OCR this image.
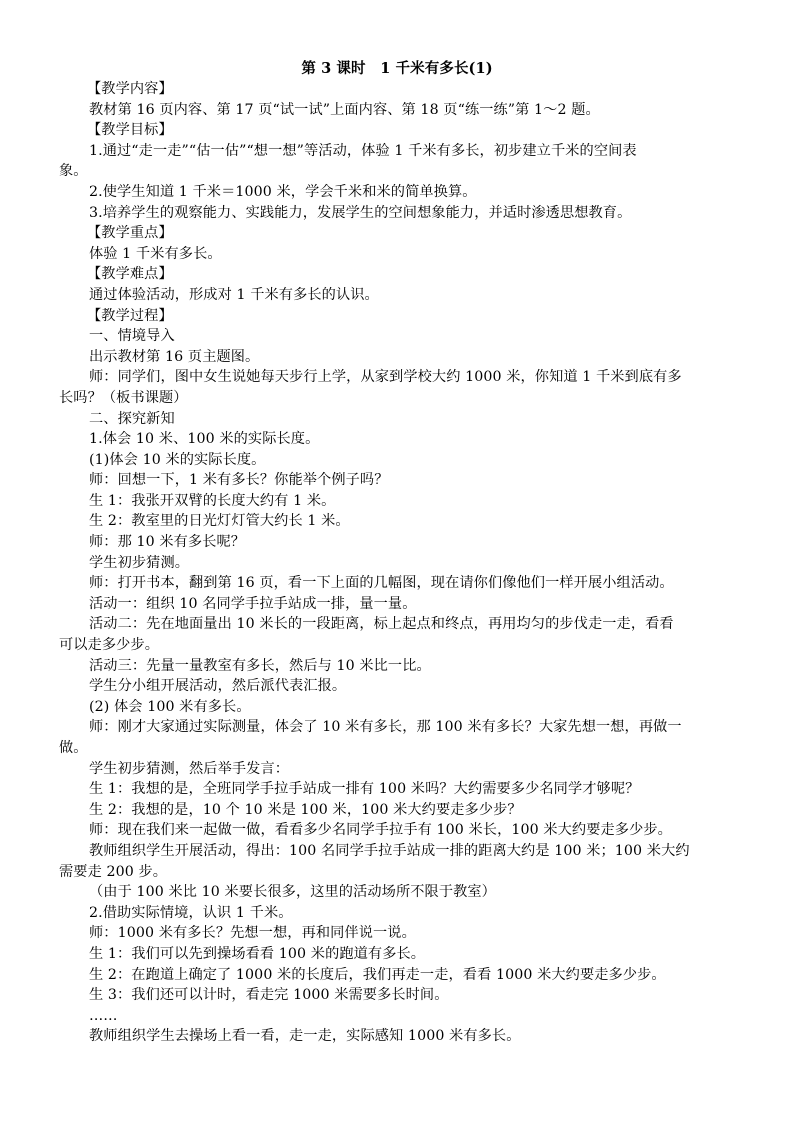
第 3 课时　1 千米有多长(1)
【教学内容】
教材第 16 页内容、第 17 页“试一试”上面内容、第 18 页“练一练”第 1～2 题。
【教学目标】
1.通过“走一走”“估一估”“想一想”等活动，体验 1 千米有多长，初步建立千米的空间表
象。
2.使学生知道 1 千米＝1000 米，学会千米和米的简单换算。
3.培养学生的观察能力、实践能力，发展学生的空间想象能力，并适时渗透思想教育。
【教学重点】
体验 1 千米有多长。
【教学难点】
通过体验活动，形成对 1 千米有多长的认识。
【教学过程】
一、情境导入
出示教材第 16 页主题图。
师：同学们，图中女生说她每天步行上学，从家到学校大约 1000 米，你知道 1 千米到底有多
长吗？（板书课题）
二、探究新知
1.体会 10 米、100 米的实际长度。
(1)体会 10 米的实际长度。
师：回想一下，1 米有多长？你能举个例子吗？
生 1：我张开双臂的长度大约有 1 米。
生 2：教室里的日光灯灯管大约长 1 米。
师：那 10 米有多长呢？
学生初步猜测。
师：打开书本，翻到第 16 页，看一下上面的几幅图，现在请你们像他们一样开展小组活动。
活动一：组织 10 名同学手拉手站成一排，量一量。
活动二：先在地面量出 10 米长的一段距离，标上起点和终点，再用均匀的步伐走一走，看看
可以走多少步。
活动三：先量一量教室有多长，然后与 10 米比一比。
学生分小组开展活动，然后派代表汇报。
(2) 体会 100 米有多长。
师：刚才大家通过实际测量，体会了 10 米有多长，那 100 米有多长？大家先想一想，再做一
做。
学生初步猜测，然后举手发言：
生 1：我想的是，全班同学手拉手站成一排有 100 米吗？大约需要多少名同学才够呢？
生 2：我想的是，10 个 10 米是 100 米，100 米大约要走多少步？
师：现在我们来一起做一做，看看多少名同学手拉手有 100 米长，100 米大约要走多少步。
教师组织学生开展活动，得出：100 名同学手拉手站成一排的距离大约是 100 米；100 米大约
需要走 200 步。
（由于 100 米比 10 米要长很多，这里的活动场所不限于教室）
2.借助实际情境，认识 1 千米。
师：1000 米有多长？先想一想，再和同伴说一说。
生 1：我们可以先到操场看看 100 米的跑道有多长。
生 2：在跑道上确定了 1000 米的长度后，我们再走一走，看看 1000 米大约要走多少步。
生 3：我们还可以计时，看走完 1000 米需要多长时间。
……
教师组织学生去操场上看一看，走一走，实际感知 1000 米有多长。
